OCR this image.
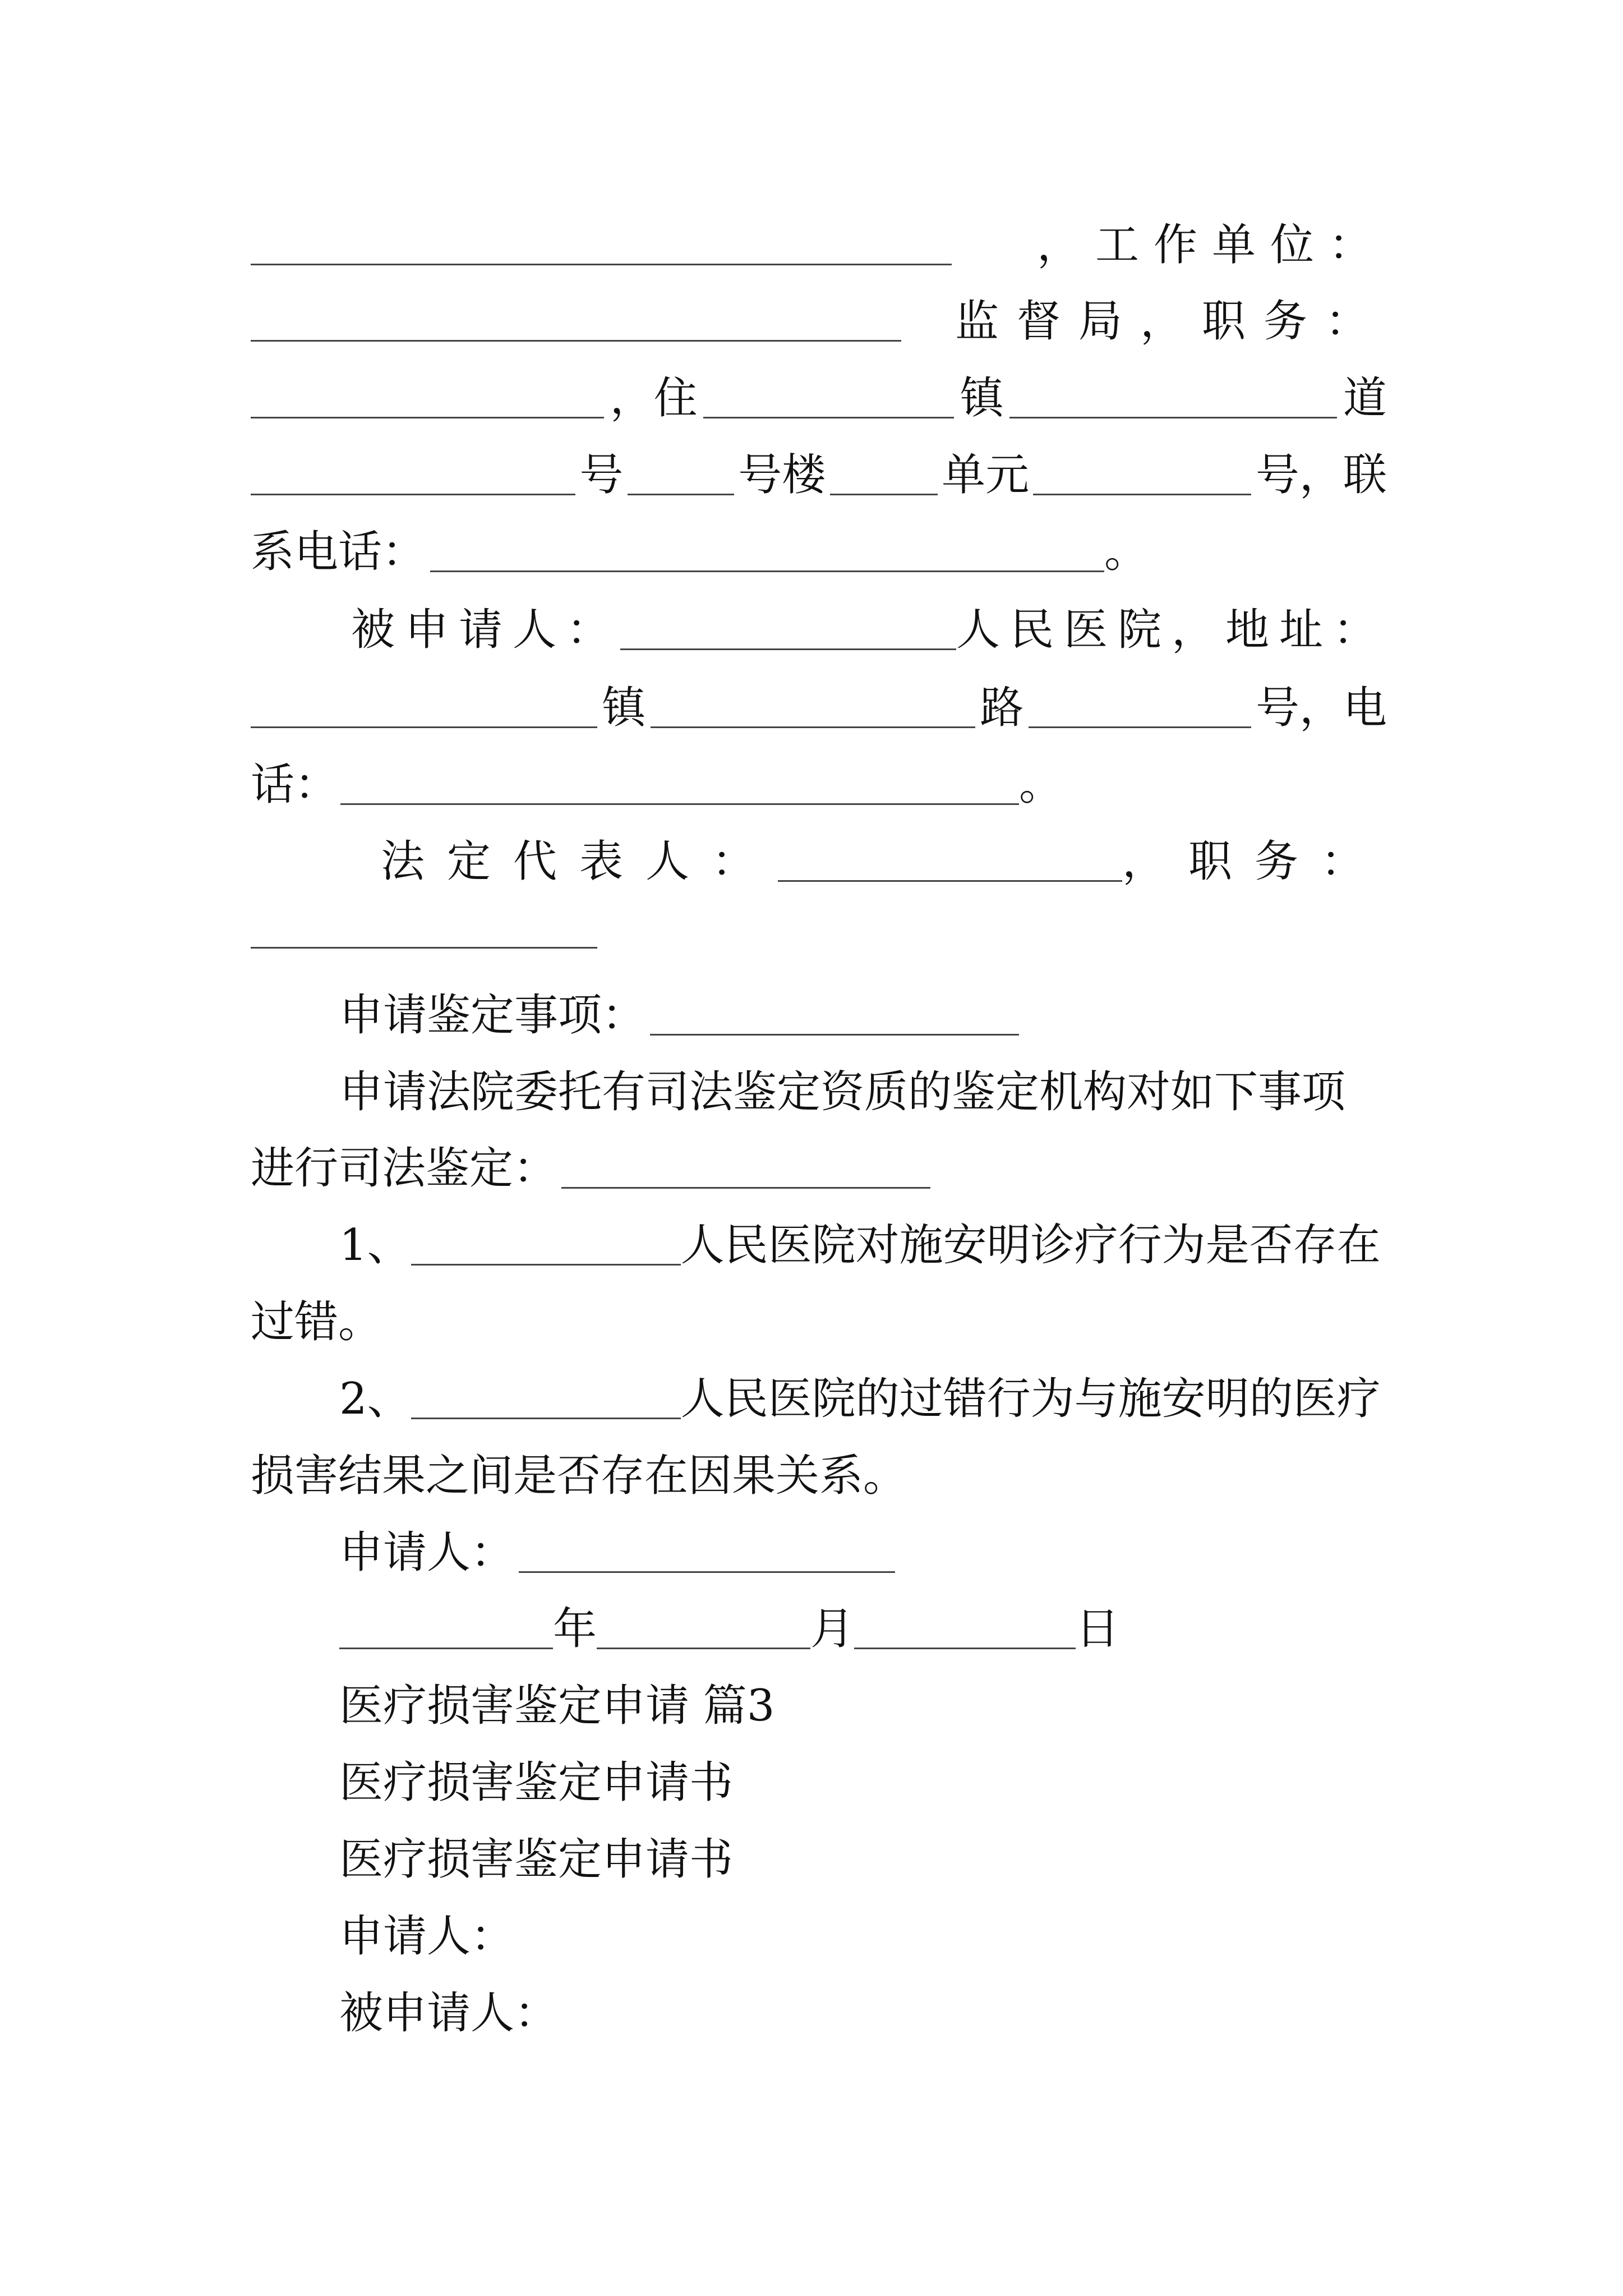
，工作单位：
监督局，职务：
，住	镇	道
号	号楼	单元	号，联
系电话：	。
被申请人：	人民医院，地址：
镇	路	号，电
话：	。
法定代表人：	，职务：
申请鉴定事项：
申请法院委托有司法鉴定资质的鉴定机构对如下事项
进行司法鉴定：
1、	人民医院对施安明诊疗行为是否存在
过错。
2、	人民医院的过错行为与施安明的医疗
损害结果之间是否存在因果关系。
申请人：
年	月	日
医疗损害鉴定申请 篇3
医疗损害鉴定申请书
医疗损害鉴定申请书
申请人：
被申请人：
